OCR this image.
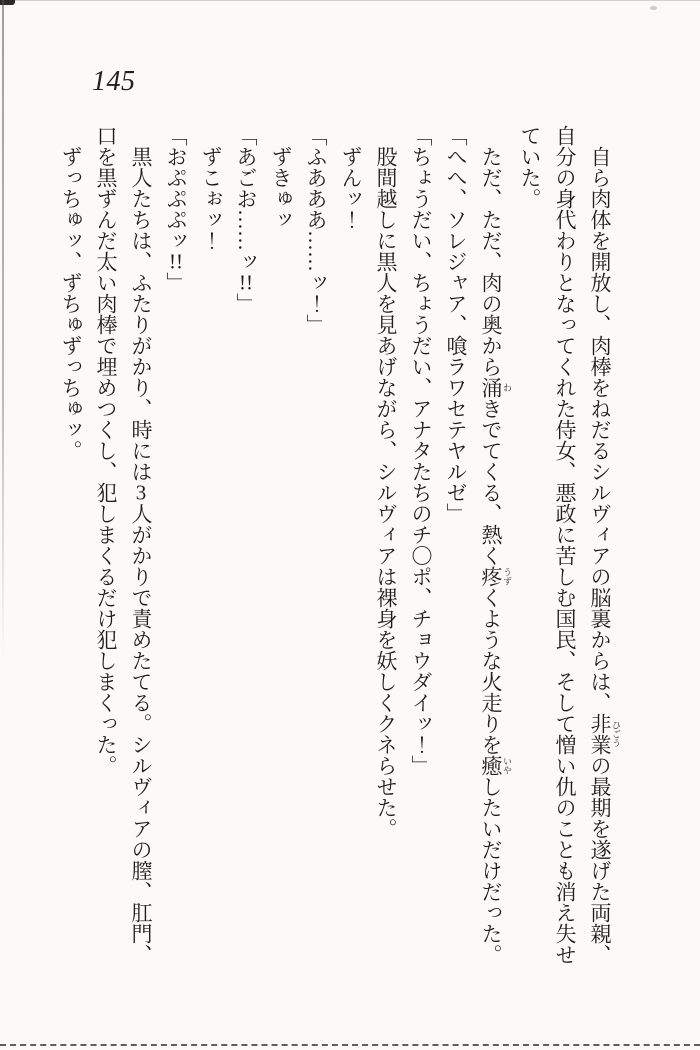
145

自ら肉体を開放し、肉棒をねだるシルヴィアの脳裏からは、非業 ひごうの最期を遂げた両親、自分の身代わりとなってくれた侍女、悪政に苦しむ国民、そして憎い仇のことも消え失せていた。

ただ、ただ、肉の奥から涌 わきでてくる、熱く疼 うずくような火走りを癒 いやしたいだけだった。

「へへ、ソレジャア、喰ラワセテヤルゼ」

「ちょうだい、ちょうだい、アナタたちのチ〇ポ、チョウダイッ！」

股間越しに黒人を見あげながら、シルヴィアは裸身を妖しくクネらせた。

ずんッ！

「ふあああ……ッ！」

ずきゅッ

「あごお……ッ!!」

ずこぉッ！

「おぷぷぷッ!!」

黒人たちは、ふたりがかり、時には3人がかりで責めたてる。シルヴィアの膣、肛門、口を黒ずんだ太い肉棒で埋めつくし、犯しまくるだけ犯しまくった。

ずっちゅッ、ずちゅずっちゅッ。
